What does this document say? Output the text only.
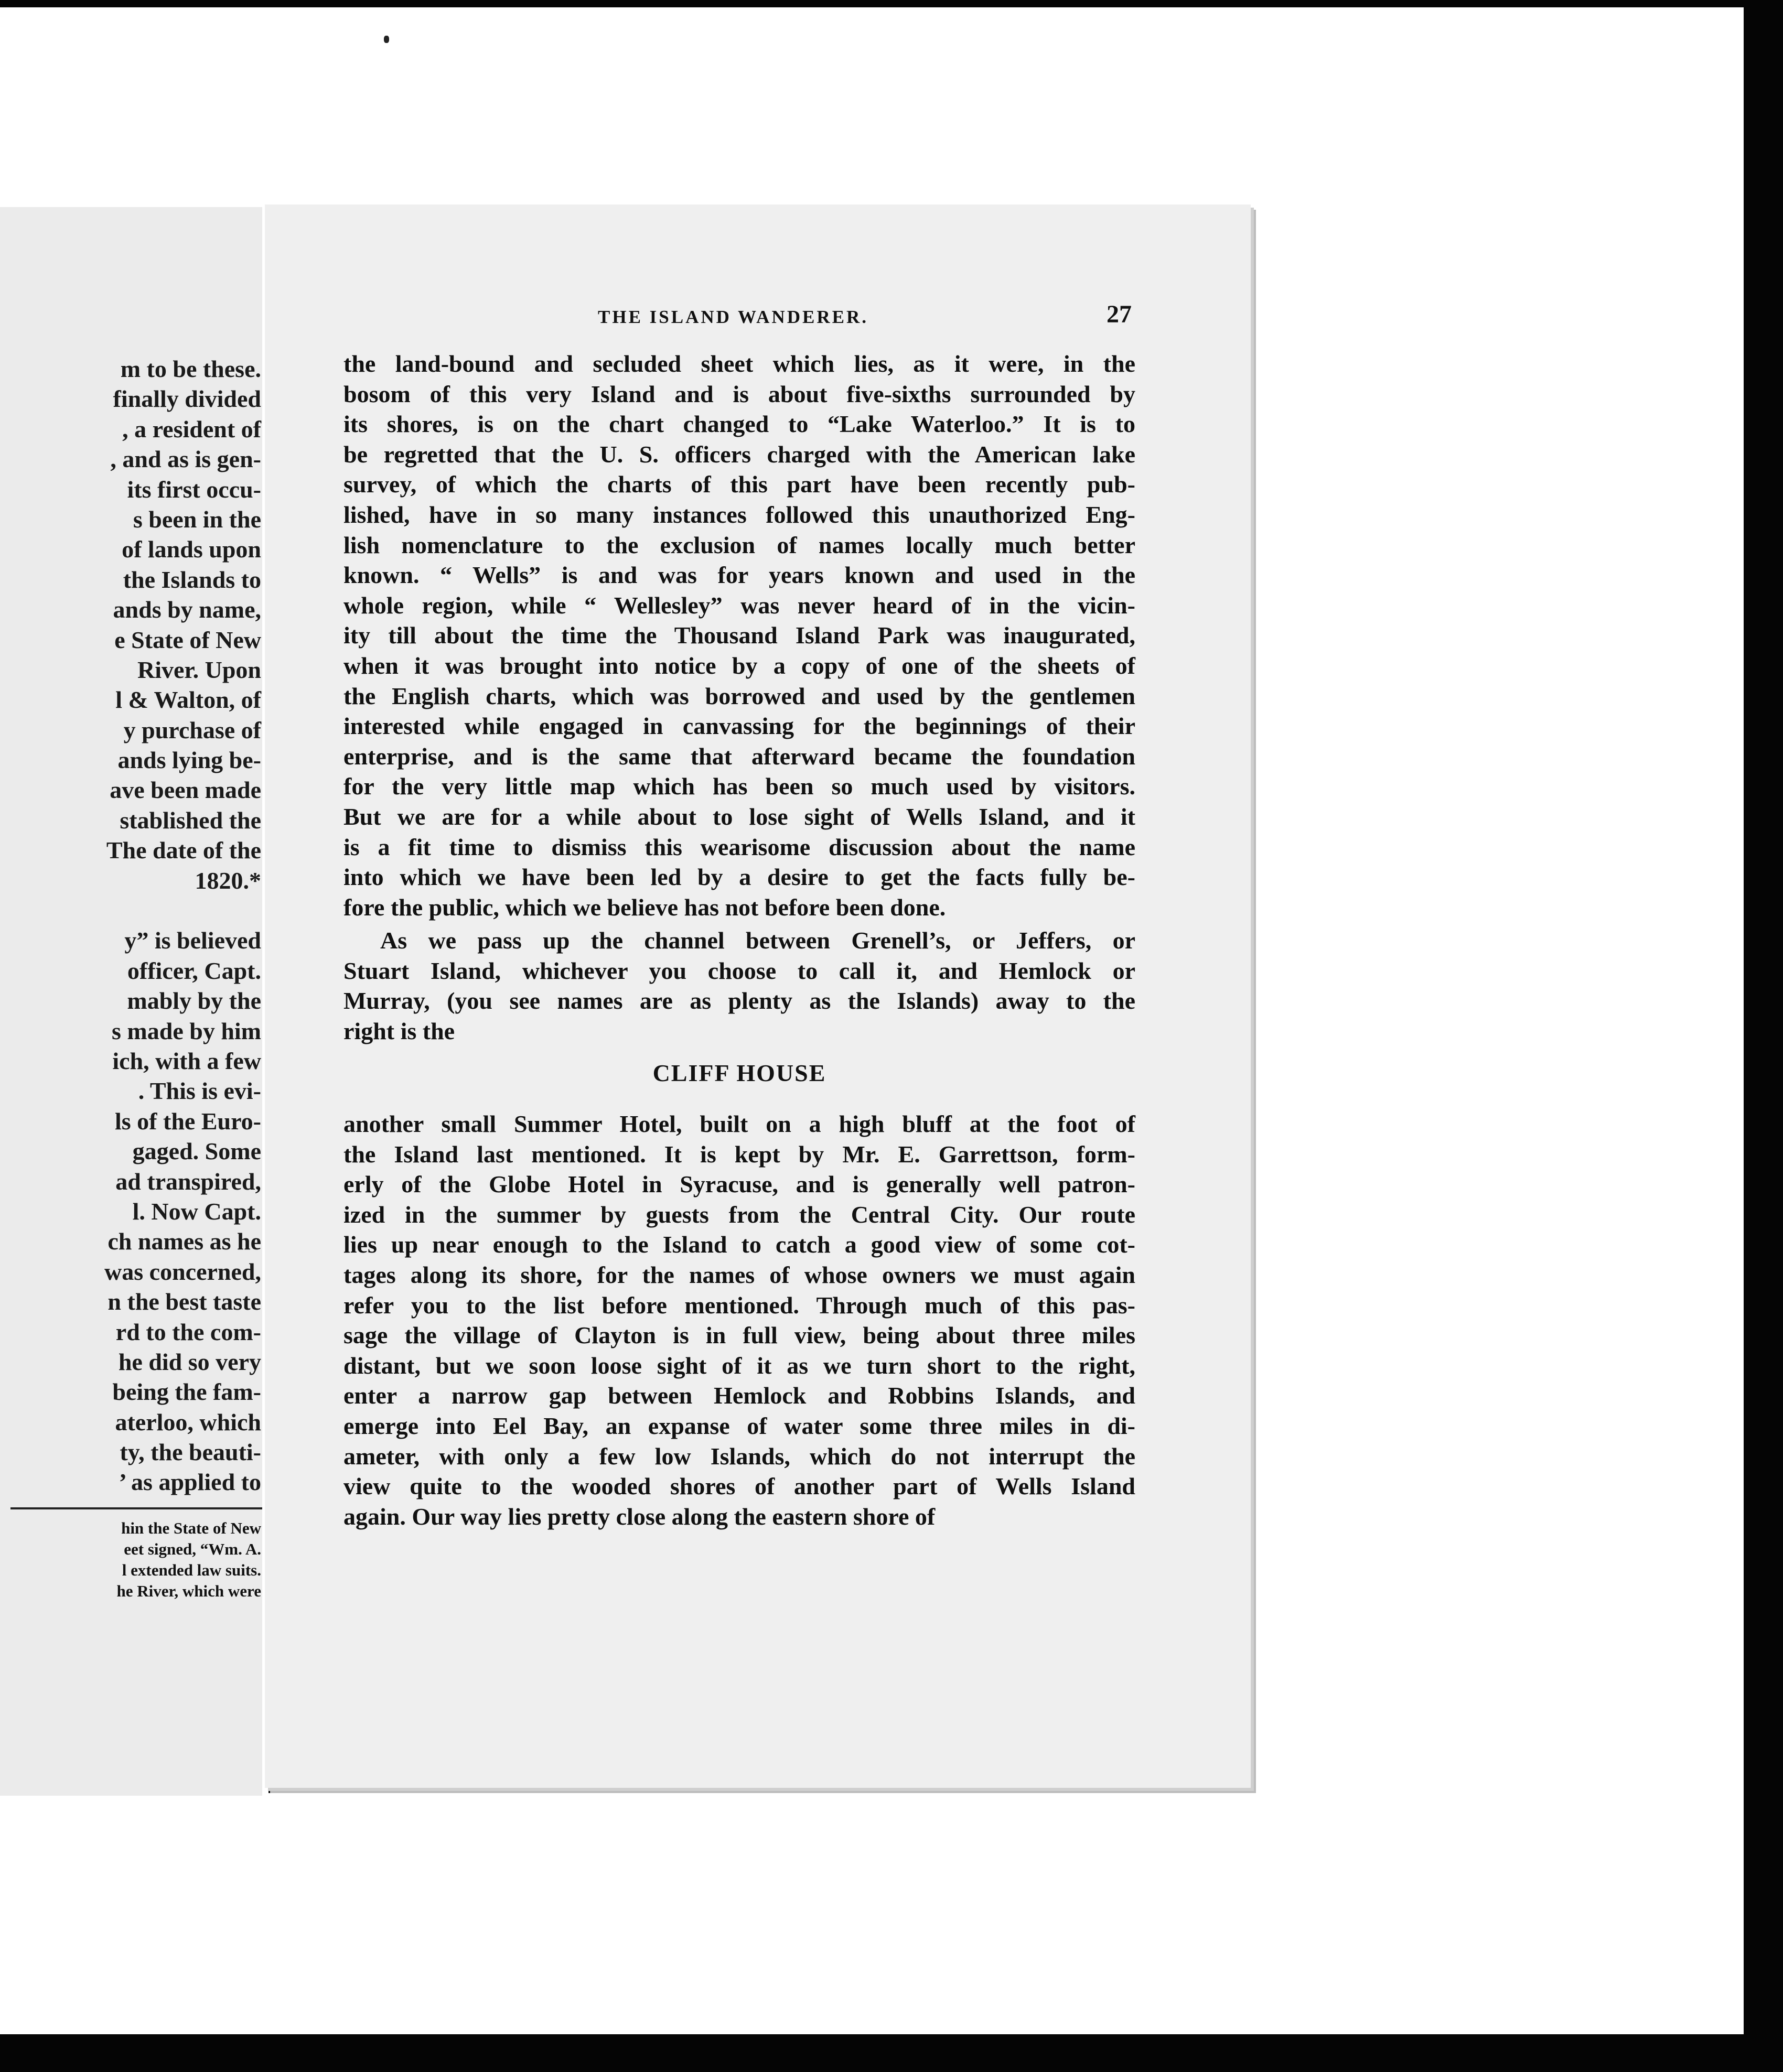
m to be these.
finally divided
, a resident of
, and as is gen-
its first occu-
s been in the
of lands upon
the Islands to
ands by name,
e State of New
River. Upon
l & Walton, of
y purchase of
ands lying be-
ave been made
stablished the
The date of the
1820.*
y” is believed
officer, Capt.
mably by the
s made by him
ich, with a few
. This is evi-
ls of the Euro-
gaged. Some
ad transpired,
l. Now Capt.
ch names as he
was concerned,
n the best taste
rd to the com-
he did so very
being the fam-
aterloo, which
ty, the beauti-
’ as applied to
hin the State of New
eet signed, “Wm. A.
l extended law suits.
he River, which were
THE ISLAND WANDERER.	27
the land-bound and secluded sheet which lies, as it were, in the
bosom of this very Island and is about five-sixths surrounded by
its shores, is on the chart changed to “Lake Waterloo.” It is to
be regretted that the U. S. officers charged with the American lake
survey, of which the charts of this part have been recently pub-
lished, have in so many instances followed this unauthorized Eng-
lish nomenclature to the exclusion of names locally much better
known. “ Wells” is and was for years known and used in the
whole region, while “ Wellesley” was never heard of in the vicin-
ity till about the time the Thousand Island Park was inaugurated,
when it was brought into notice by a copy of one of the sheets of
the English charts, which was borrowed and used by the gentlemen
interested while engaged in canvassing for the beginnings of their
enterprise, and is the same that afterward became the foundation
for the very little map which has been so much used by visitors.
But we are for a while about to lose sight of Wells Island, and it
is a fit time to dismiss this wearisome discussion about the name
into which we have been led by a desire to get the facts fully be-
fore the public, which we believe has not before been done.
As we pass up the channel between Grenell’s, or Jeffers, or
Stuart Island, whichever you choose to call it, and Hemlock or
Murray, (you see names are as plenty as the Islands) away to the
right is the
CLIFF HOUSE
another small Summer Hotel, built on a high bluff at the foot of
the Island last mentioned. It is kept by Mr. E. Garrettson, form-
erly of the Globe Hotel in Syracuse, and is generally well patron-
ized in the summer by guests from the Central City. Our route
lies up near enough to the Island to catch a good view of some cot-
tages along its shore, for the names of whose owners we must again
refer you to the list before mentioned. Through much of this pas-
sage the village of Clayton is in full view, being about three miles
distant, but we soon loose sight of it as we turn short to the right,
enter a narrow gap between Hemlock and Robbins Islands, and
emerge into Eel Bay, an expanse of water some three miles in di-
ameter, with only a few low Islands, which do not interrupt the
view quite to the wooded shores of another part of Wells Island
again. Our way lies pretty close along the eastern shore of
